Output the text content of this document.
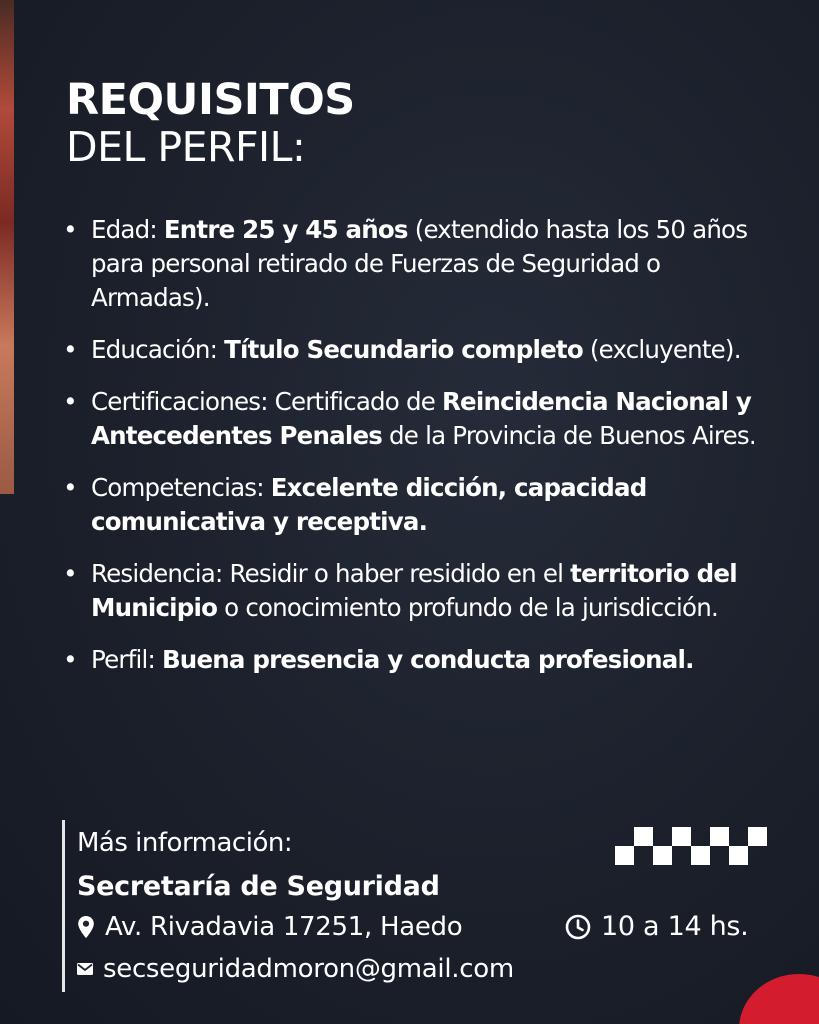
REQUISITOS
DEL PERFIL:
• Edad: Entre 25 y 45 años (extendido hasta los 50 años para personal retirado de Fuerzas de Seguridad o Armadas).
• Educación: Título Secundario completo (excluyente).
• Certificaciones: Certificado de Reincidencia Nacional y Antecedentes Penales de la Provincia de Buenos Aires.
• Competencias: Excelente dicción, capacidad comunicativa y receptiva.
• Residencia: Residir o haber residido en el territorio del Municipio o conocimiento profundo de la jurisdicción.
• Perfil: Buena presencia y conducta profesional.
Más información:
Secretaría de Seguridad
Av. Rivadavia 17251, Haedo
secseguridadmoron@gmail.com
10 a 14 hs.
